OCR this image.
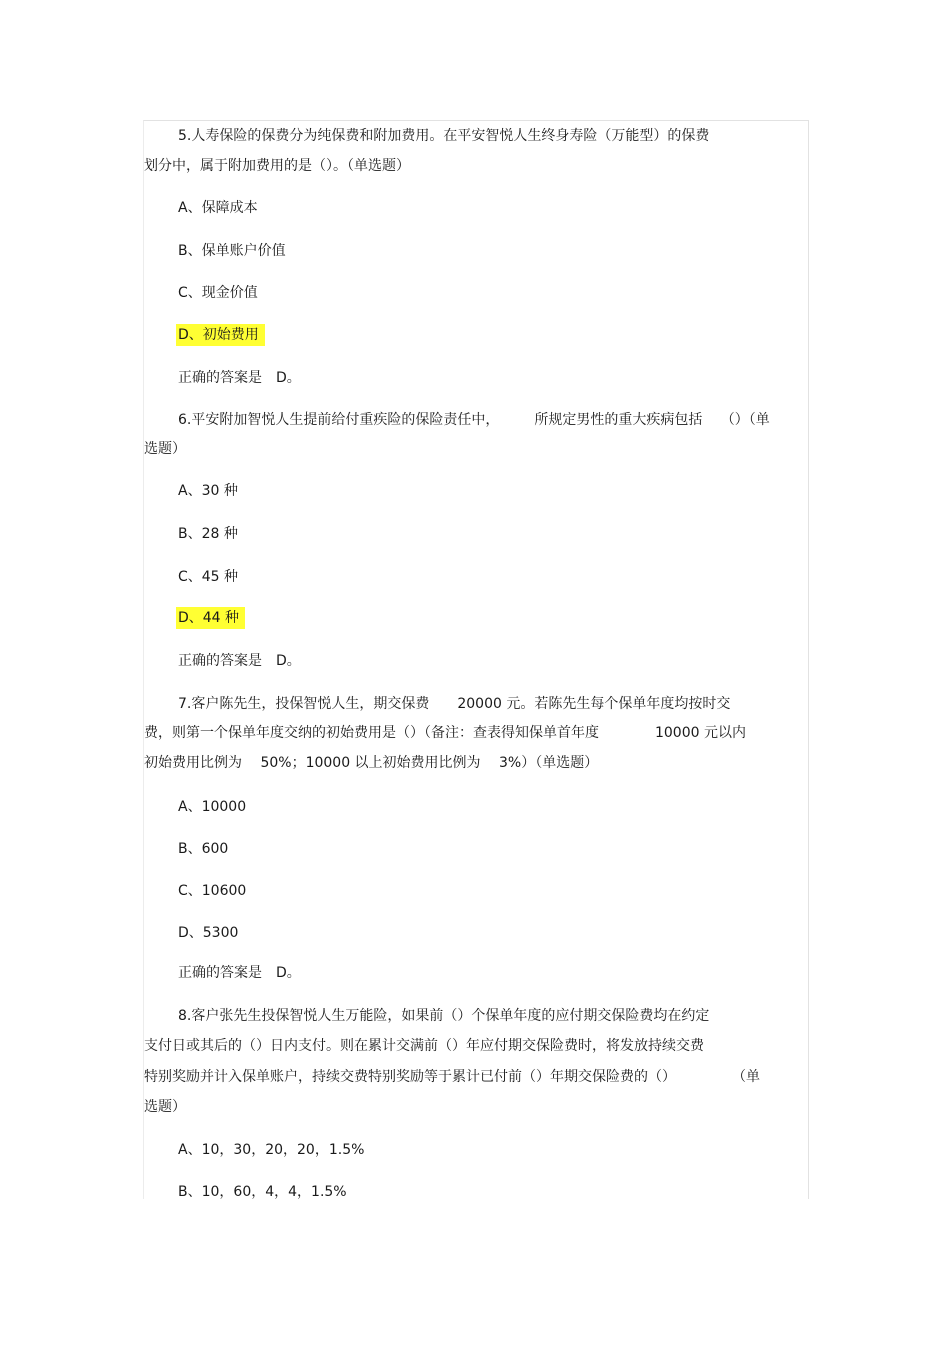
5.人寿保险的保费分为纯保费和附加费用。在平安智悦人生终身寿险（万能型）的保费
划分中，属于附加费用的是（）。（单选题）
A、保障成本
B、保单账户价值
C、现金价值
D、初始费用
正确的答案是　D。
6.平安附加智悦人生提前给付重疾险的保险责任中，　　　所规定男性的重大疾病包括　 （）（单
选题）
A、30 种
B、28 种
C、45 种
D、44 种
正确的答案是　D。
7.客户陈先生，投保智悦人生，期交保费　　20000 元。若陈先生每个保单年度均按时交
费，则第一个保单年度交纳的初始费用是（）（备注：查表得知保单首年度　　　　10000 元以内
初始费用比例为　 50%；10000 以上初始费用比例为　 3%）（单选题）
A、10000
B、600
C、10600
D、5300
正确的答案是　D。
8.客户张先生投保智悦人生万能险，如果前（）个保单年度的应付期交保险费均在约定
支付日或其后的（）日内支付。则在累计交满前（）年应付期交保险费时，将发放持续交费
特别奖励并计入保单账户，持续交费特别奖励等于累计已付前（）年期交保险费的（）　　　　　（单
选题）
A、10，30，20，20，1.5%
B、10，60，4，4，1.5%
